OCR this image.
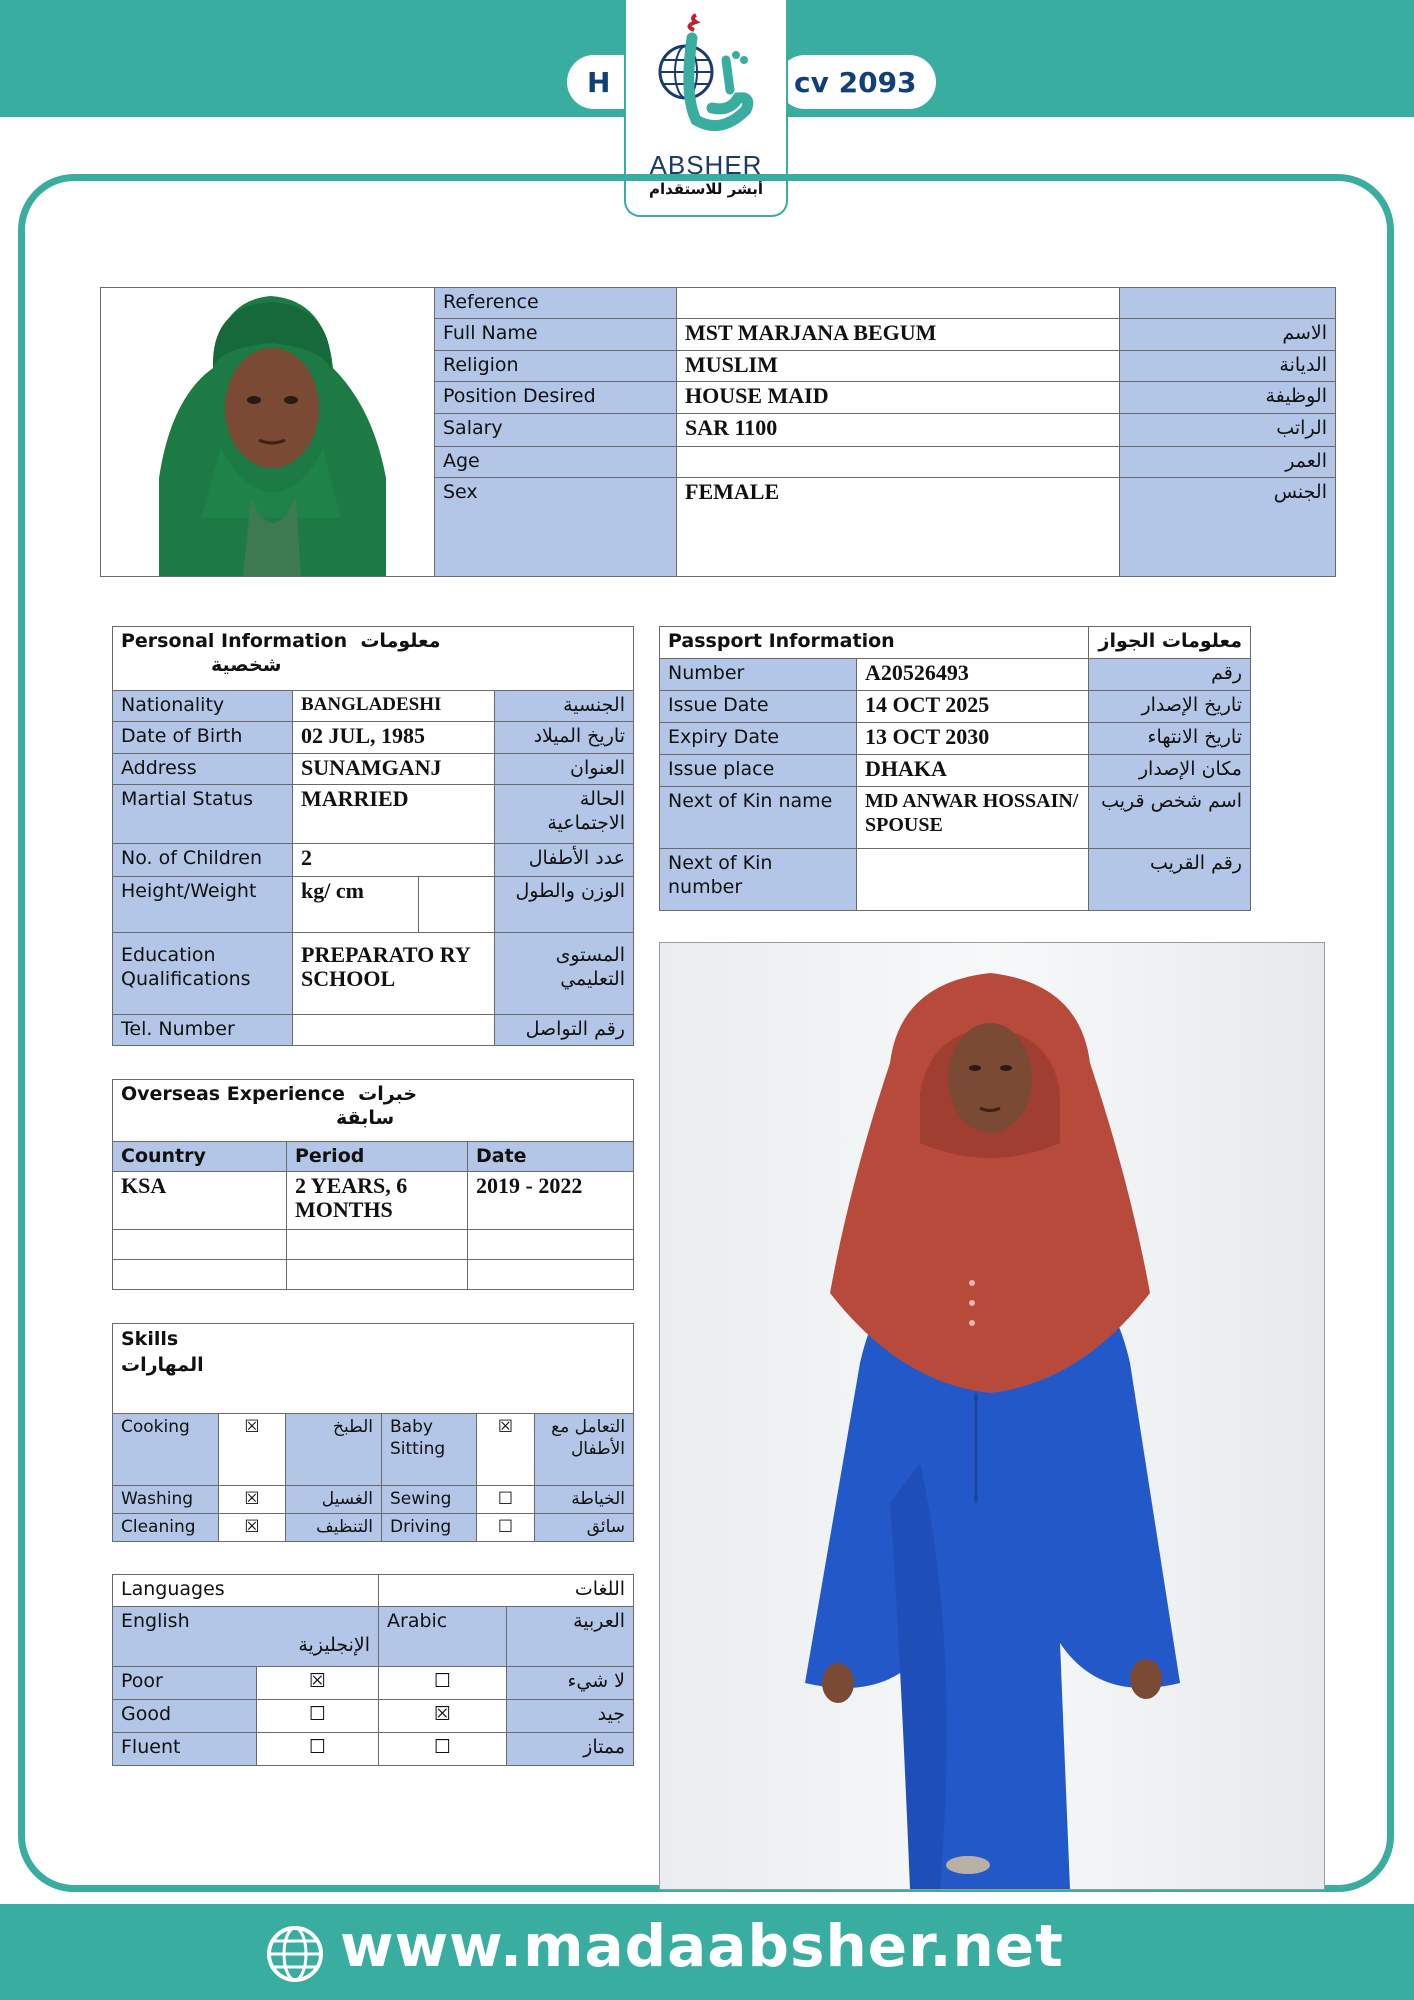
H	cv 2093
ABSHER
أبشر للاستقدام
	Reference		
	Full Name	MST MARJANA BEGUM	الاسم
	Religion	MUSLIM	الديانة
	Position Desired	HOUSE MAID	الوظيفة
	Salary	SAR 1100	الراتب
	Age		العمر
	Sex	FEMALE	الجنس
Personal Information معلومات
شخصية			

Nationality	BANGLADESHI		الجنسية
Date of Birth	02 JUL, 1985		تاريخ الميلاد
Address	SUNAMGANJ		العنوان
Martial Status	MARRIED		الحالة الاجتماعية
No. of Children	2		عدد الأطفال
Height/Weight	kg/ cm		الوزن والطول
Education Qualifications	PREPARATO RY SCHOOL		المستوى التعليمي
Tel. Number			رقم التواصل
Passport Information		معلومات الجواز
Number	A20526493	رقم
Issue Date	14 OCT 2025	تاريخ الإصدار
Expiry Date	13 OCT 2030	تاريخ الانتهاء
Issue place	DHAKA	مكان الإصدار
Next of Kin name	MD ANWAR HOSSAIN/ SPOUSE	اسم شخص قريب
Next of Kin number		رقم القريب
Overseas Experience خبرات
سابقة		

Country	Period	Date
KSA	2 YEARS, 6 MONTHS	2019 - 2022

Skills
المهارات					

Cooking	☒	الطبخ	Baby Sitting	☒	التعامل مع الأطفال
Washing	☒	الغسيل	Sewing	☐	الخياطة
Cleaning	☒	التنظيف	Driving	☐	سائق
Languages		اللغات	

English
الإنجليزية		Arabic	العربية
Poor	☒	☐	لا شيء
Good	☐	☒	جيد
Fluent	☐	☐	ممتاز
www.madaabsher.net
